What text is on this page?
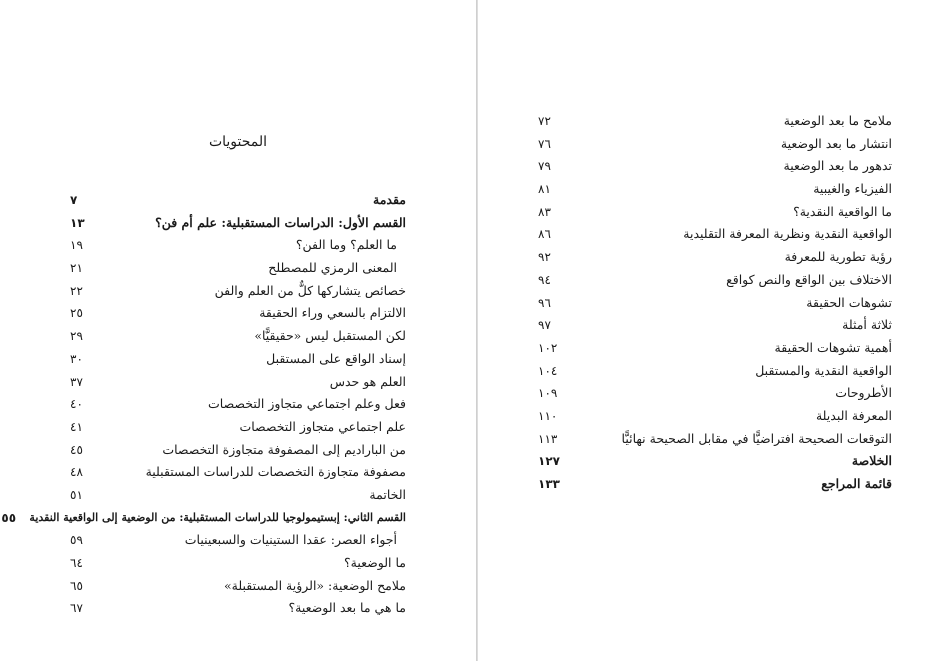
المحتويات
مقدمة
٧
القسم الأول: الدراسات المستقبلية: علم أم فن؟
١٣
ما العلم؟ وما الفن؟
١٩
المعنى الرمزي للمصطلح
٢١
خصائص يتشاركها كلٌّ من العلم والفن
٢٢
الالتزام بالسعي وراء الحقيقة
٢٥
لكن المستقبل ليس «حقيقيًّا»
٢٩
إسناد الواقع على المستقبل
٣٠
العلم هو حدس
٣٧
فعل وعلم اجتماعي متجاوز التخصصات
٤٠
علم اجتماعي متجاوز التخصصات
٤١
من الباراديم إلى المصفوفة متجاوزة التخصصات
٤٥
مصفوفة متجاوزة التخصصات للدراسات المستقبلية
٤٨
الخاتمة
٥١
القسم الثاني: إبستيمولوجيا للدراسات المستقبلية: من الوضعية إلى الواقعية النقدية
٥٥
أجواء العصر: عقدا الستينيات والسبعينيات
٥٩
ما الوضعية؟
٦٤
ملامح الوضعية: «الرؤية المستقبلة»
٦٥
ما هي ما بعد الوضعية؟
٦٧
ملامح ما بعد الوضعية
٧٢
انتشار ما بعد الوضعية
٧٦
تدهور ما بعد الوضعية
٧٩
الفيزياء والغيبية
٨١
ما الواقعية النقدية؟
٨٣
الواقعية النقدية ونظرية المعرفة التقليدية
٨٦
رؤية تطورية للمعرفة
٩٢
الاختلاف بين الواقع والنص كواقع
٩٤
تشوهات الحقيقة
٩٦
ثلاثة أمثلة
٩٧
أهمية تشوهات الحقيقة
١٠٢
الواقعية النقدية والمستقبل
١٠٤
الأطروحات
١٠٩
المعرفة البديلة
١١٠
التوقعات الصحيحة افتراضيًّا في مقابل الصحيحة نهائيًّا
١١٣
الخلاصة
١٢٧
قائمة المراجع
١٣٣
